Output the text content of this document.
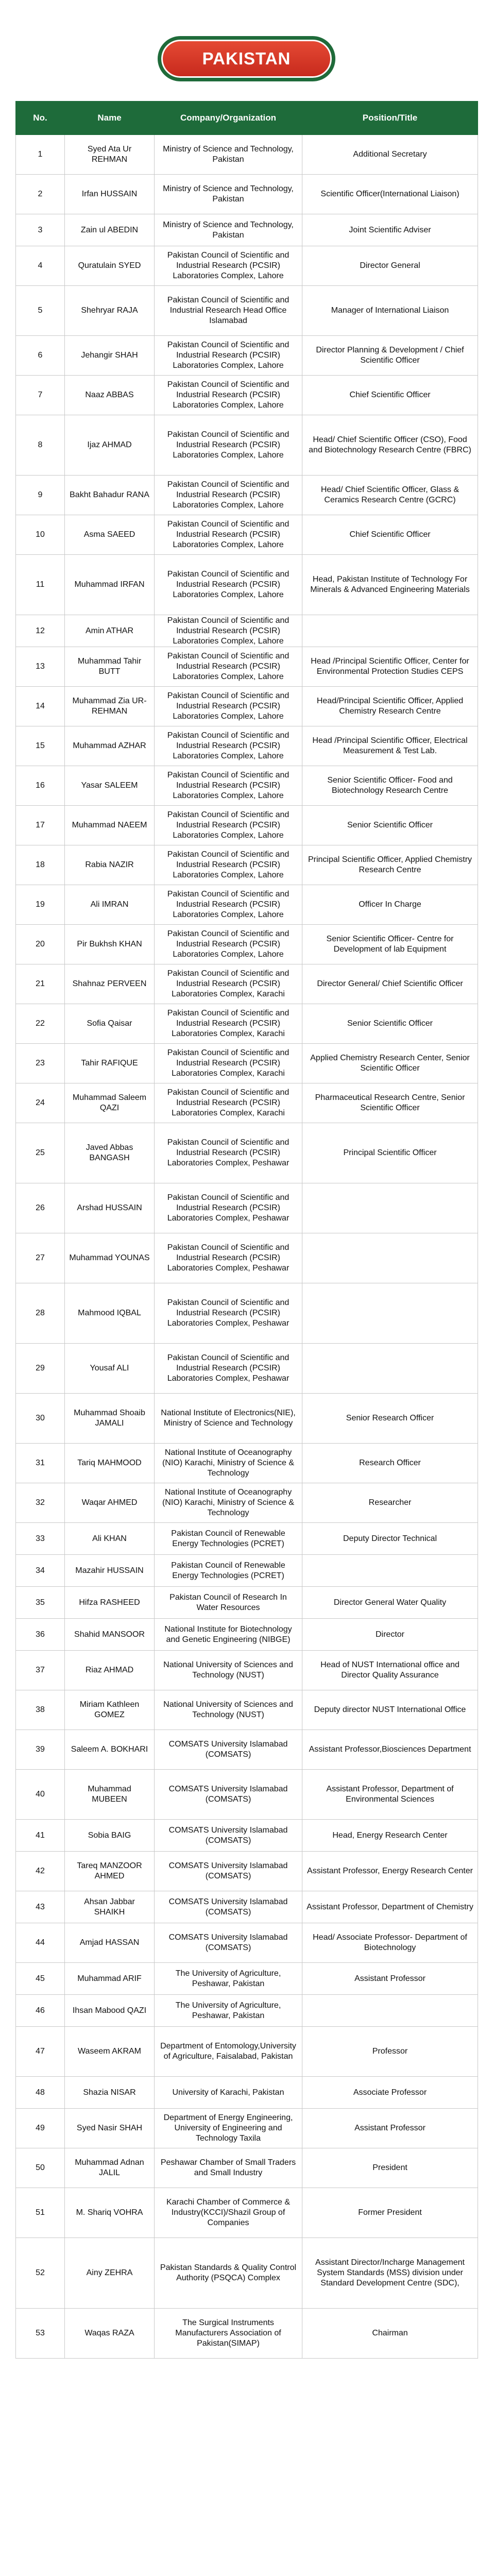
PAKISTAN
No.	Name	Company/Organization	Position/Title
1	Syed Ata Ur REHMAN	Ministry of Science and Technology, Pakistan	Additional Secretary
2	Irfan HUSSAIN	Ministry of Science and Technology, Pakistan	Scientific Officer(International Liaison)
3	Zain ul ABEDIN	Ministry of Science and Technology, Pakistan	Joint Scientific Adviser
4	Quratulain SYED	Pakistan Council of Scientific and Industrial Research (PCSIR) Laboratories Complex, Lahore	Director General
5	Shehryar RAJA	Pakistan Council of Scientific and Industrial Research Head Office Islamabad	Manager of International Liaison
6	Jehangir SHAH	Pakistan Council of Scientific and Industrial Research (PCSIR) Laboratories Complex, Lahore	Director Planning & Development / Chief Scientific Officer
7	Naaz ABBAS	Pakistan Council of Scientific and Industrial Research (PCSIR) Laboratories Complex, Lahore	Chief Scientific Officer
8	Ijaz AHMAD	Pakistan Council of Scientific and Industrial Research (PCSIR) Laboratories Complex, Lahore	Head/ Chief Scientific Officer (CSO), Food and Biotechnology Research Centre (FBRC)
9	Bakht Bahadur RANA	Pakistan Council of Scientific and Industrial Research (PCSIR) Laboratories Complex, Lahore	Head/ Chief Scientific Officer, Glass & Ceramics Research Centre (GCRC)
10	Asma SAEED	Pakistan Council of Scientific and Industrial Research (PCSIR) Laboratories Complex, Lahore	Chief Scientific Officer
11	Muhammad IRFAN	Pakistan Council of Scientific and Industrial Research (PCSIR) Laboratories Complex, Lahore	Head, Pakistan Institute of Technology For Minerals & Advanced Engineering Materials
12	Amin ATHAR	Pakistan Council of Scientific and Industrial Research (PCSIR) Laboratories Complex, Lahore	
13	Muhammad Tahir BUTT	Pakistan Council of Scientific and Industrial Research (PCSIR) Laboratories Complex, Lahore	Head /Principal Scientific Officer, Center for Environmental Protection Studies CEPS
14	Muhammad Zia UR-REHMAN	Pakistan Council of Scientific and Industrial Research (PCSIR) Laboratories Complex, Lahore	Head/Principal Scientific Officer, Applied Chemistry Research Centre
15	Muhammad AZHAR	Pakistan Council of Scientific and Industrial Research (PCSIR) Laboratories Complex, Lahore	Head /Principal Scientific Officer, Electrical Measurement & Test Lab.
16	Yasar SALEEM	Pakistan Council of Scientific and Industrial Research (PCSIR) Laboratories Complex, Lahore	Senior Scientific Officer- Food and Biotechnology Research Centre
17	Muhammad NAEEM	Pakistan Council of Scientific and Industrial Research (PCSIR) Laboratories Complex, Lahore	Senior Scientific Officer
18	Rabia NAZIR	Pakistan Council of Scientific and Industrial Research (PCSIR) Laboratories Complex, Lahore	Principal Scientific Officer, Applied Chemistry Research Centre
19	Ali IMRAN	Pakistan Council of Scientific and Industrial Research (PCSIR) Laboratories Complex, Lahore	Officer In Charge
20	Pir Bukhsh KHAN	Pakistan Council of Scientific and Industrial Research (PCSIR) Laboratories Complex, Lahore	Senior Scientific Officer- Centre for Development of lab Equipment
21	Shahnaz PERVEEN	Pakistan Council of Scientific and Industrial Research (PCSIR) Laboratories Complex, Karachi	Director General/ Chief Scientific Officer
22	Sofia Qaisar	Pakistan Council of Scientific and Industrial Research (PCSIR) Laboratories Complex, Karachi	Senior Scientific Officer
23	Tahir RAFIQUE	Pakistan Council of Scientific and Industrial Research (PCSIR) Laboratories Complex, Karachi	Applied Chemistry Research Center, Senior Scientific Officer
24	Muhammad Saleem QAZI	Pakistan Council of Scientific and Industrial Research (PCSIR) Laboratories Complex, Karachi	Pharmaceutical Research Centre, Senior Scientific Officer
25	Javed Abbas BANGASH	Pakistan Council of Scientific and Industrial Research (PCSIR) Laboratories Complex, Peshawar	Principal Scientific Officer
26	Arshad HUSSAIN	Pakistan Council of Scientific and Industrial Research (PCSIR) Laboratories Complex, Peshawar	
27	Muhammad YOUNAS	Pakistan Council of Scientific and Industrial Research (PCSIR) Laboratories Complex, Peshawar	
28	Mahmood IQBAL	Pakistan Council of Scientific and Industrial Research (PCSIR) Laboratories Complex, Peshawar	
29	Yousaf ALI	Pakistan Council of Scientific and Industrial Research (PCSIR) Laboratories Complex, Peshawar	
30	Muhammad Shoaib JAMALI	National Institute of Electronics(NIE), Ministry of Science and Technology	Senior Research Officer
31	Tariq MAHMOOD	National Institute of Oceanography (NIO) Karachi, Ministry of Science & Technology	Research Officer
32	Waqar AHMED	National Institute of Oceanography (NIO) Karachi, Ministry of Science & Technology	Researcher
33	Ali KHAN	Pakistan Council of Renewable Energy Technologies (PCRET)	Deputy Director Technical
34	Mazahir HUSSAIN	Pakistan Council of Renewable Energy Technologies (PCRET)	
35	Hifza RASHEED	Pakistan Council of Research In Water Resources	Director General Water Quality
36	Shahid MANSOOR	National Institute for Biotechnology and Genetic Engineering (NIBGE)	Director
37	Riaz AHMAD	National University of Sciences and Technology (NUST)	Head of NUST International office and Director Quality Assurance
38	Miriam Kathleen GOMEZ	National University of Sciences and Technology (NUST)	Deputy director NUST International Office
39	Saleem A. BOKHARI	COMSATS University Islamabad (COMSATS)	Assistant Professor,Biosciences Department
40	Muhammad MUBEEN	COMSATS University Islamabad (COMSATS)	Assistant Professor, Department of Environmental Sciences
41	Sobia BAIG	COMSATS University Islamabad (COMSATS)	Head, Energy Research Center
42	Tareq MANZOOR AHMED	COMSATS University Islamabad (COMSATS)	Assistant Professor, Energy Research Center
43	Ahsan Jabbar SHAIKH	COMSATS University Islamabad (COMSATS)	Assistant Professor, Department of Chemistry
44	Amjad HASSAN	COMSATS University Islamabad (COMSATS)	Head/ Associate Professor- Department of Biotechnology
45	Muhammad ARIF	The University of Agriculture, Peshawar, Pakistan	Assistant Professor
46	Ihsan Mabood QAZI	The University of Agriculture, Peshawar, Pakistan	
47	Waseem AKRAM	Department of Entomology,University of Agriculture, Faisalabad, Pakistan	Professor
48	Shazia NISAR	University of Karachi, Pakistan	Associate Professor
49	Syed Nasir SHAH	Department of Energy Engineering, University of Engineering and Technology Taxila	Assistant Professor
50	Muhammad Adnan JALIL	Peshawar Chamber of Small Traders and Small Industry	President
51	M. Shariq VOHRA	Karachi Chamber of Commerce & Industry(KCCI)/Shazil Group of Companies	Former President
52	Ainy ZEHRA	Pakistan Standards & Quality Control Authority (PSQCA) Complex	Assistant Director/Incharge Management System Standards (MSS) division under Standard Development Centre (SDC),
53	Waqas RAZA	The Surgical Instruments Manufacturers Association of Pakistan(SIMAP)	Chairman
